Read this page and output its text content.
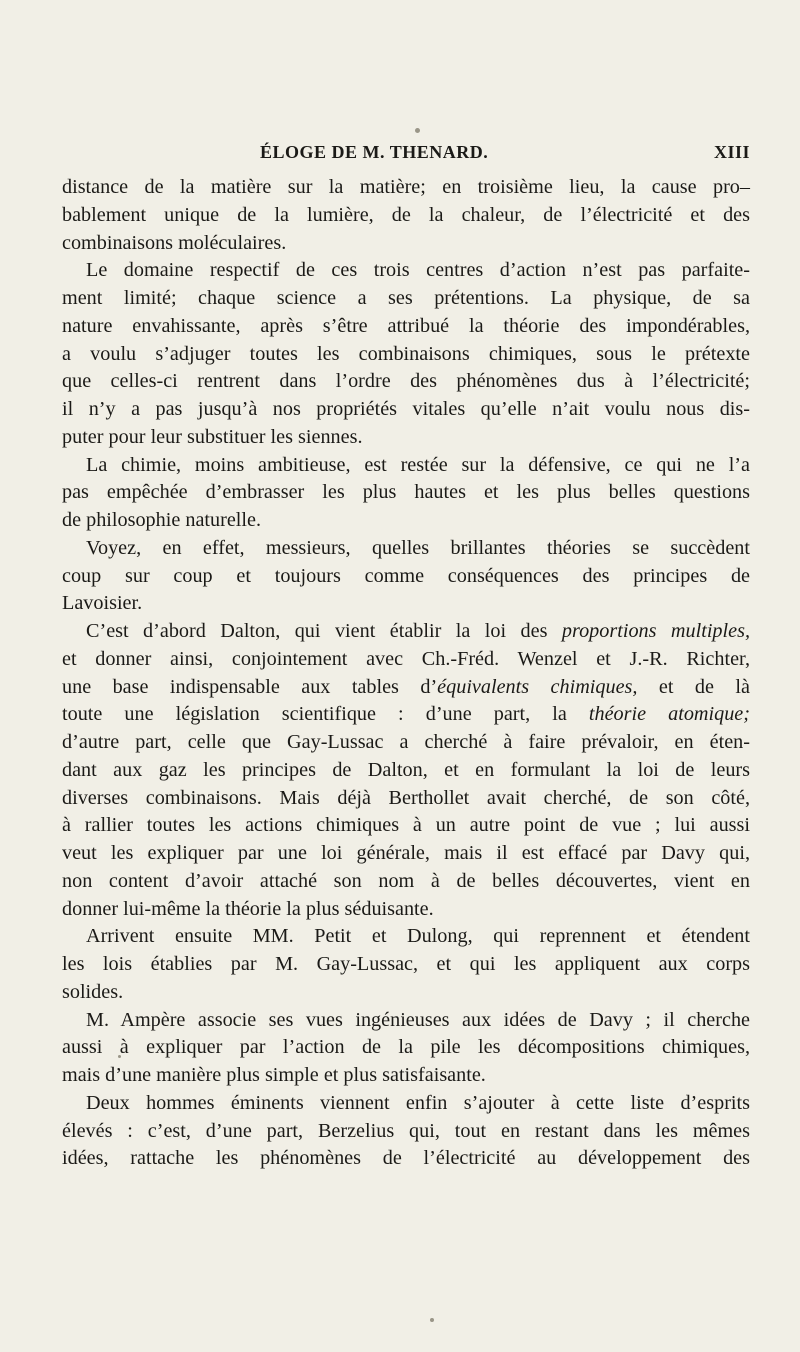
ÉLOGE DE M. THENARD.	XIII

distance de la matière sur la matière; en troisième lieu, la cause pro–
bablement unique de la lumière, de la chaleur, de l’électricité et des
combinaisons moléculaires.

Le domaine respectif de ces trois centres d’action n’est pas parfaite-
ment limité; chaque science a ses prétentions. La physique, de sa
nature envahissante, après s’être attribué la théorie des impondérables,
a voulu s’adjuger toutes les combinaisons chimiques, sous le prétexte
que celles-ci rentrent dans l’ordre des phénomènes dus à l’électricité;
il n’y a pas jusqu’à nos propriétés vitales qu’elle n’ait voulu nous dis-
puter pour leur substituer les siennes.

La chimie, moins ambitieuse, est restée sur la défensive, ce qui ne l’a
pas empêchée d’embrasser les plus hautes et les plus belles questions
de philosophie naturelle.

Voyez, en effet, messieurs, quelles brillantes théories se succèdent
coup sur coup et toujours comme conséquences des principes de
Lavoisier.

C’est d’abord Dalton, qui vient établir la loi des proportions multiples,
et donner ainsi, conjointement avec Ch.-Fréd. Wenzel et J.-R. Richter,
une base indispensable aux tables d’équivalents chimiques, et de là
toute une législation scientifique : d’une part, la théorie atomique;
d’autre part, celle que Gay-Lussac a cherché à faire prévaloir, en éten-
dant aux gaz les principes de Dalton, et en formulant la loi de leurs
diverses combinaisons. Mais déjà Berthollet avait cherché, de son côté,
à rallier toutes les actions chimiques à un autre point de vue ; lui aussi
veut les expliquer par une loi générale, mais il est effacé par Davy qui,
non content d’avoir attaché son nom à de belles découvertes, vient en
donner lui-même la théorie la plus séduisante.

Arrivent ensuite MM. Petit et Dulong, qui reprennent et étendent
les lois établies par M. Gay-Lussac, et qui les appliquent aux corps
solides.

M. Ampère associe ses vues ingénieuses aux idées de Davy ; il cherche
aussi à expliquer par l’action de la pile les décompositions chimiques,
mais d’une manière plus simple et plus satisfaisante.

Deux hommes éminents viennent enfin s’ajouter à cette liste d’esprits
élevés : c’est, d’une part, Berzelius qui, tout en restant dans les mêmes
idées, rattache les phénomènes de l’électricité au développement des
